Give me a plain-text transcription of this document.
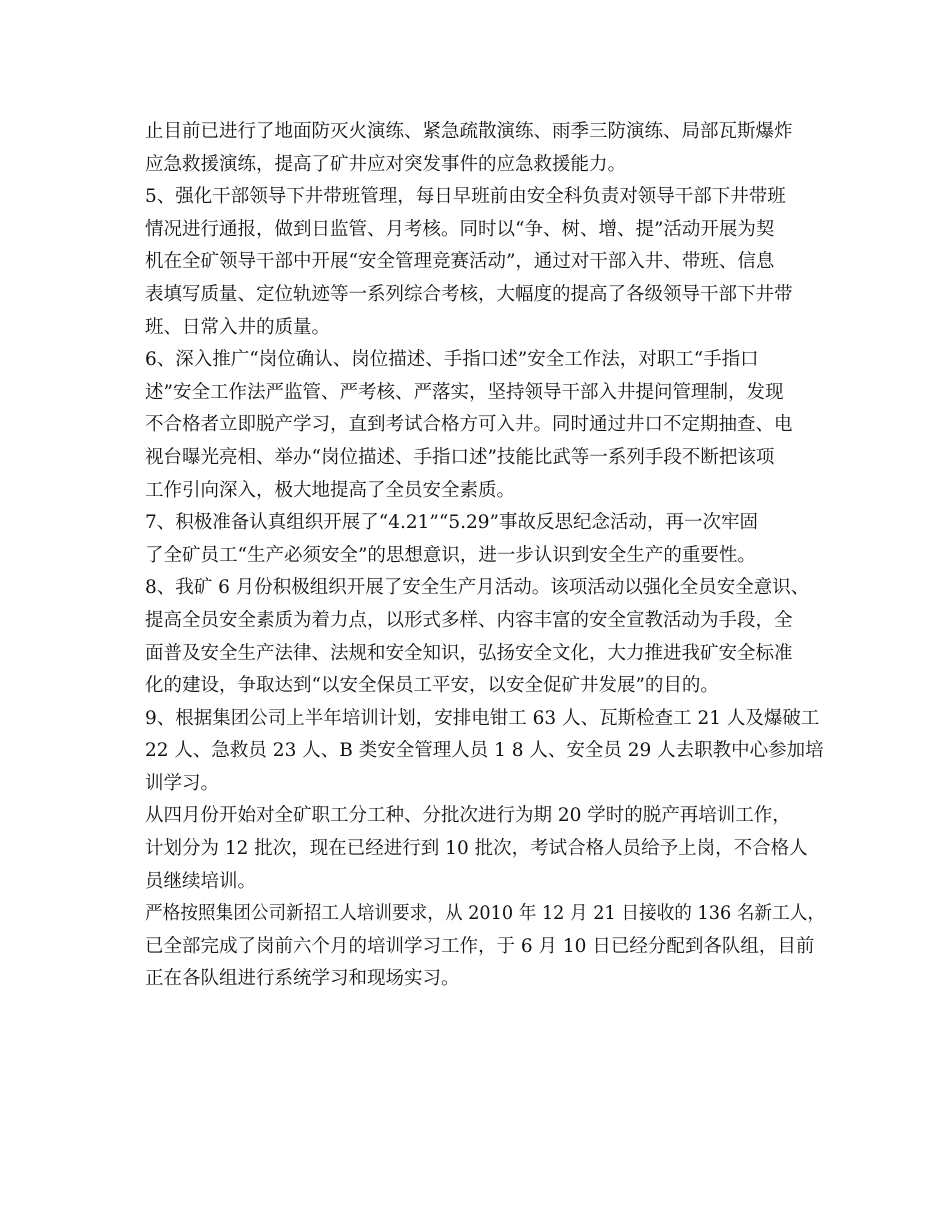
止目前已进行了地面防灭火演练、紧急疏散演练、雨季三防演练、局部瓦斯爆炸
应急救援演练，提高了矿井应对突发事件的应急救援能力。
5、强化干部领导下井带班管理，每日早班前由安全科负责对领导干部下井带班
情况进行通报，做到日监管、月考核。同时以“争、树、增、提”活动开展为契
机在全矿领导干部中开展“安全管理竞赛活动”，通过对干部入井、带班、信息
表填写质量、定位轨迹等一系列综合考核，大幅度的提高了各级领导干部下井带
班、日常入井的质量。
6、深入推广“岗位确认、岗位描述、手指口述”安全工作法，对职工“手指口
述”安全工作法严监管、严考核、严落实，坚持领导干部入井提问管理制，发现
不合格者立即脱产学习，直到考试合格方可入井。同时通过井口不定期抽查、电
视台曝光亮相、举办“岗位描述、手指口述”技能比武等一系列手段不断把该项
工作引向深入，极大地提高了全员安全素质。
7、积极准备认真组织开展了“4.21”“5.29”事故反思纪念活动，再一次牢固
了全矿员工“生产必须安全”的思想意识，进一步认识到安全生产的重要性。
8、我矿 6 月份积极组织开展了安全生产月活动。该项活动以强化全员安全意识、
提高全员安全素质为着力点，以形式多样、内容丰富的安全宣教活动为手段，全
面普及安全生产法律、法规和安全知识，弘扬安全文化，大力推进我矿安全标准
化的建设，争取达到“以安全保员工平安，以安全促矿井发展”的目的。
9、根据集团公司上半年培训计划，安排电钳工 63 人、瓦斯检查工 21 人及爆破工
22 人、急救员 23 人、B 类安全管理人员 1 8 人、安全员 29 人去职教中心参加培
训学习。
从四月份开始对全矿职工分工种、分批次进行为期 20 学时的脱产再培训工作，
计划分为 12 批次，现在已经进行到 10 批次，考试合格人员给予上岗，不合格人
员继续培训。
严格按照集团公司新招工人培训要求，从 2010 年 12 月 21 日接收的 136 名新工人，
已全部完成了岗前六个月的培训学习工作，于 6 月 10 日已经分配到各队组，目前
正在各队组进行系统学习和现场实习。
